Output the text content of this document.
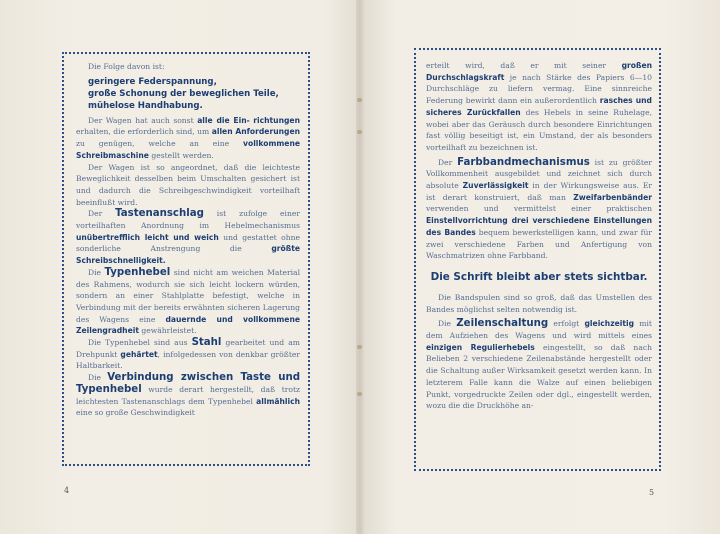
Die Folge davon ist:

geringere Federspannung,

große Schonung der beweglichen Teile,

mühelose Handhabung.

Der Wagen hat auch sonst alle die Ein- richtungen erhalten, die erforderlich sind, um allen Anforderungen zu genügen, welche an eine vollkommene Schreibmaschine gestellt werden.

Der Wagen ist so angeordnet, daß die leichteste Beweglichkeit desselben beim Umschalten gesichert ist und dadurch die Schreibgeschwindigkeit vorteilhaft beeinflußt wird.

Der Tastenanschlag ist zufolge einer vorteilhaften Anordnung im Hebelmechanismus unübertrefflich leicht und weich und gestattet ohne sonderliche Anstrengung die größte Schreibschnelligkeit.

Die Typenhebel sind nicht am weichen Material des Rahmens, wodurch sie sich leicht lockern würden, sondern an einer Stahlplatte befestigt, welche in Verbindung mit der bereits erwähnten sicheren Lagerung des Wagens eine dauernde und vollkommene Zeilengradheit gewährleistet.

Die Typenhebel sind aus Stahl gearbeitet und am Drehpunkt gehärtet, infolgedessen von denkbar größter Haltbarkeit.

Die Verbindung zwischen Taste und Typenhebel wurde derart hergestellt, daß trotz leichtesten Tastenanschlags dem Typenhebel allmählich eine so große Geschwindigkeit

4	5

erteilt wird, daß er mit seiner großen Durchschlagskraft je nach Stärke des Papiers 6—10 Durchschläge zu liefern vermag. Eine sinnreiche Federung bewirkt dann ein außerordentlich rasches und sicheres Zurückfallen des Hebels in seine Ruhelage, wobei aber das Geräusch durch besondere Einrichtungen fast völlig beseitigt ist, ein Umstand, der als besonders vorteilhaft zu bezeichnen ist.

Der Farbbandmechanismus ist zu größter Vollkommenheit ausgebildet und zeichnet sich durch absolute Zuverlässigkeit in der Wirkungsweise aus. Er ist derart konstruiert, daß man Zweifarbenbänder verwenden und vermittelst einer praktischen Einstellvorrichtung drei verschiedene Einstellungen des Bandes bequem bewerkstelligen kann, und zwar für zwei verschiedene Farben und Anfertigung von Waschmatrizen ohne Farbband.

Die Schrift bleibt aber stets sichtbar.

Die Bandspulen sind so groß, daß das Umstellen des Bandes möglichst selten notwendig ist.

Die Zeilenschaltung erfolgt gleichzeitig mit dem Aufziehen des Wagens und wird mittels eines einzigen Regulierhebels eingestellt, so daß nach Belieben 2 verschiedene Zeilenabstände hergestellt oder die Schaltung außer Wirksamkeit gesetzt werden kann. In letzterem Falle kann die Walze auf einen beliebigen Punkt, vorgedruckte Zeilen oder dgl., eingestellt werden, wozu die die Druckhöhe an-
